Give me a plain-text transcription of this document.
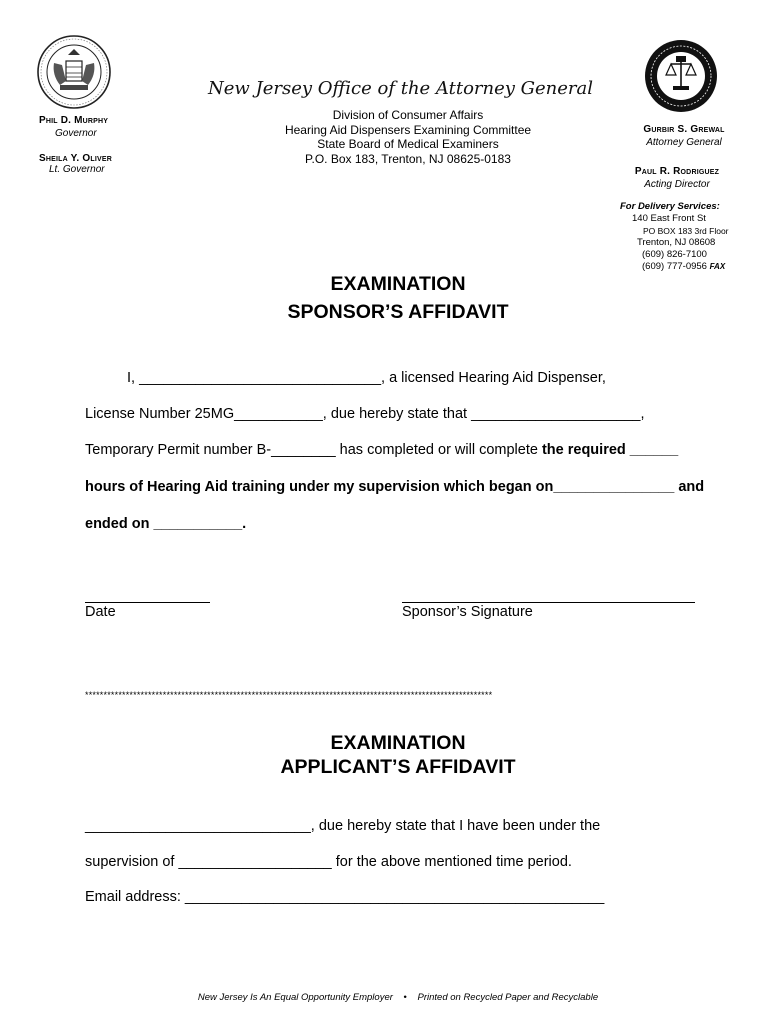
Phil D. Murphy
Governor
Sheila Y. Oliver
Lt. Governor
New Jersey Office of the Attorney General
Division of Consumer Affairs
Hearing Aid Dispensers Examining Committee
State Board of Medical Examiners
P.O. Box 183, Trenton, NJ 08625-0183
Gurbir S. Grewal
Attorney General
Paul R. Rodriguez
Acting Director
For Delivery Services:
140 East Front St
PO BOX 183 3rd Floor
Trenton, NJ 08608
(609) 826-7100
(609) 777-0956 FAX
EXAMINATION
SPONSOR’S AFFIDAVIT
I, ______________________________, a licensed Hearing Aid Dispenser,
License Number 25MG___________, due hereby state that _____________________,
Temporary Permit number B-________ has completed or will complete the required ______
hours of Hearing Aid training under my supervision which began on_______________ and
ended on ___________.
Date	Sponsor’s Signature
**************************************************************************************************************
EXAMINATION
APPLICANT’S AFFIDAVIT
____________________________, due hereby state that I have been under the
supervision of ___________________ for the above mentioned time period.
Email address: ____________________________________________________
New Jersey Is An Equal Opportunity Employer • Printed on Recycled Paper and Recyclable
